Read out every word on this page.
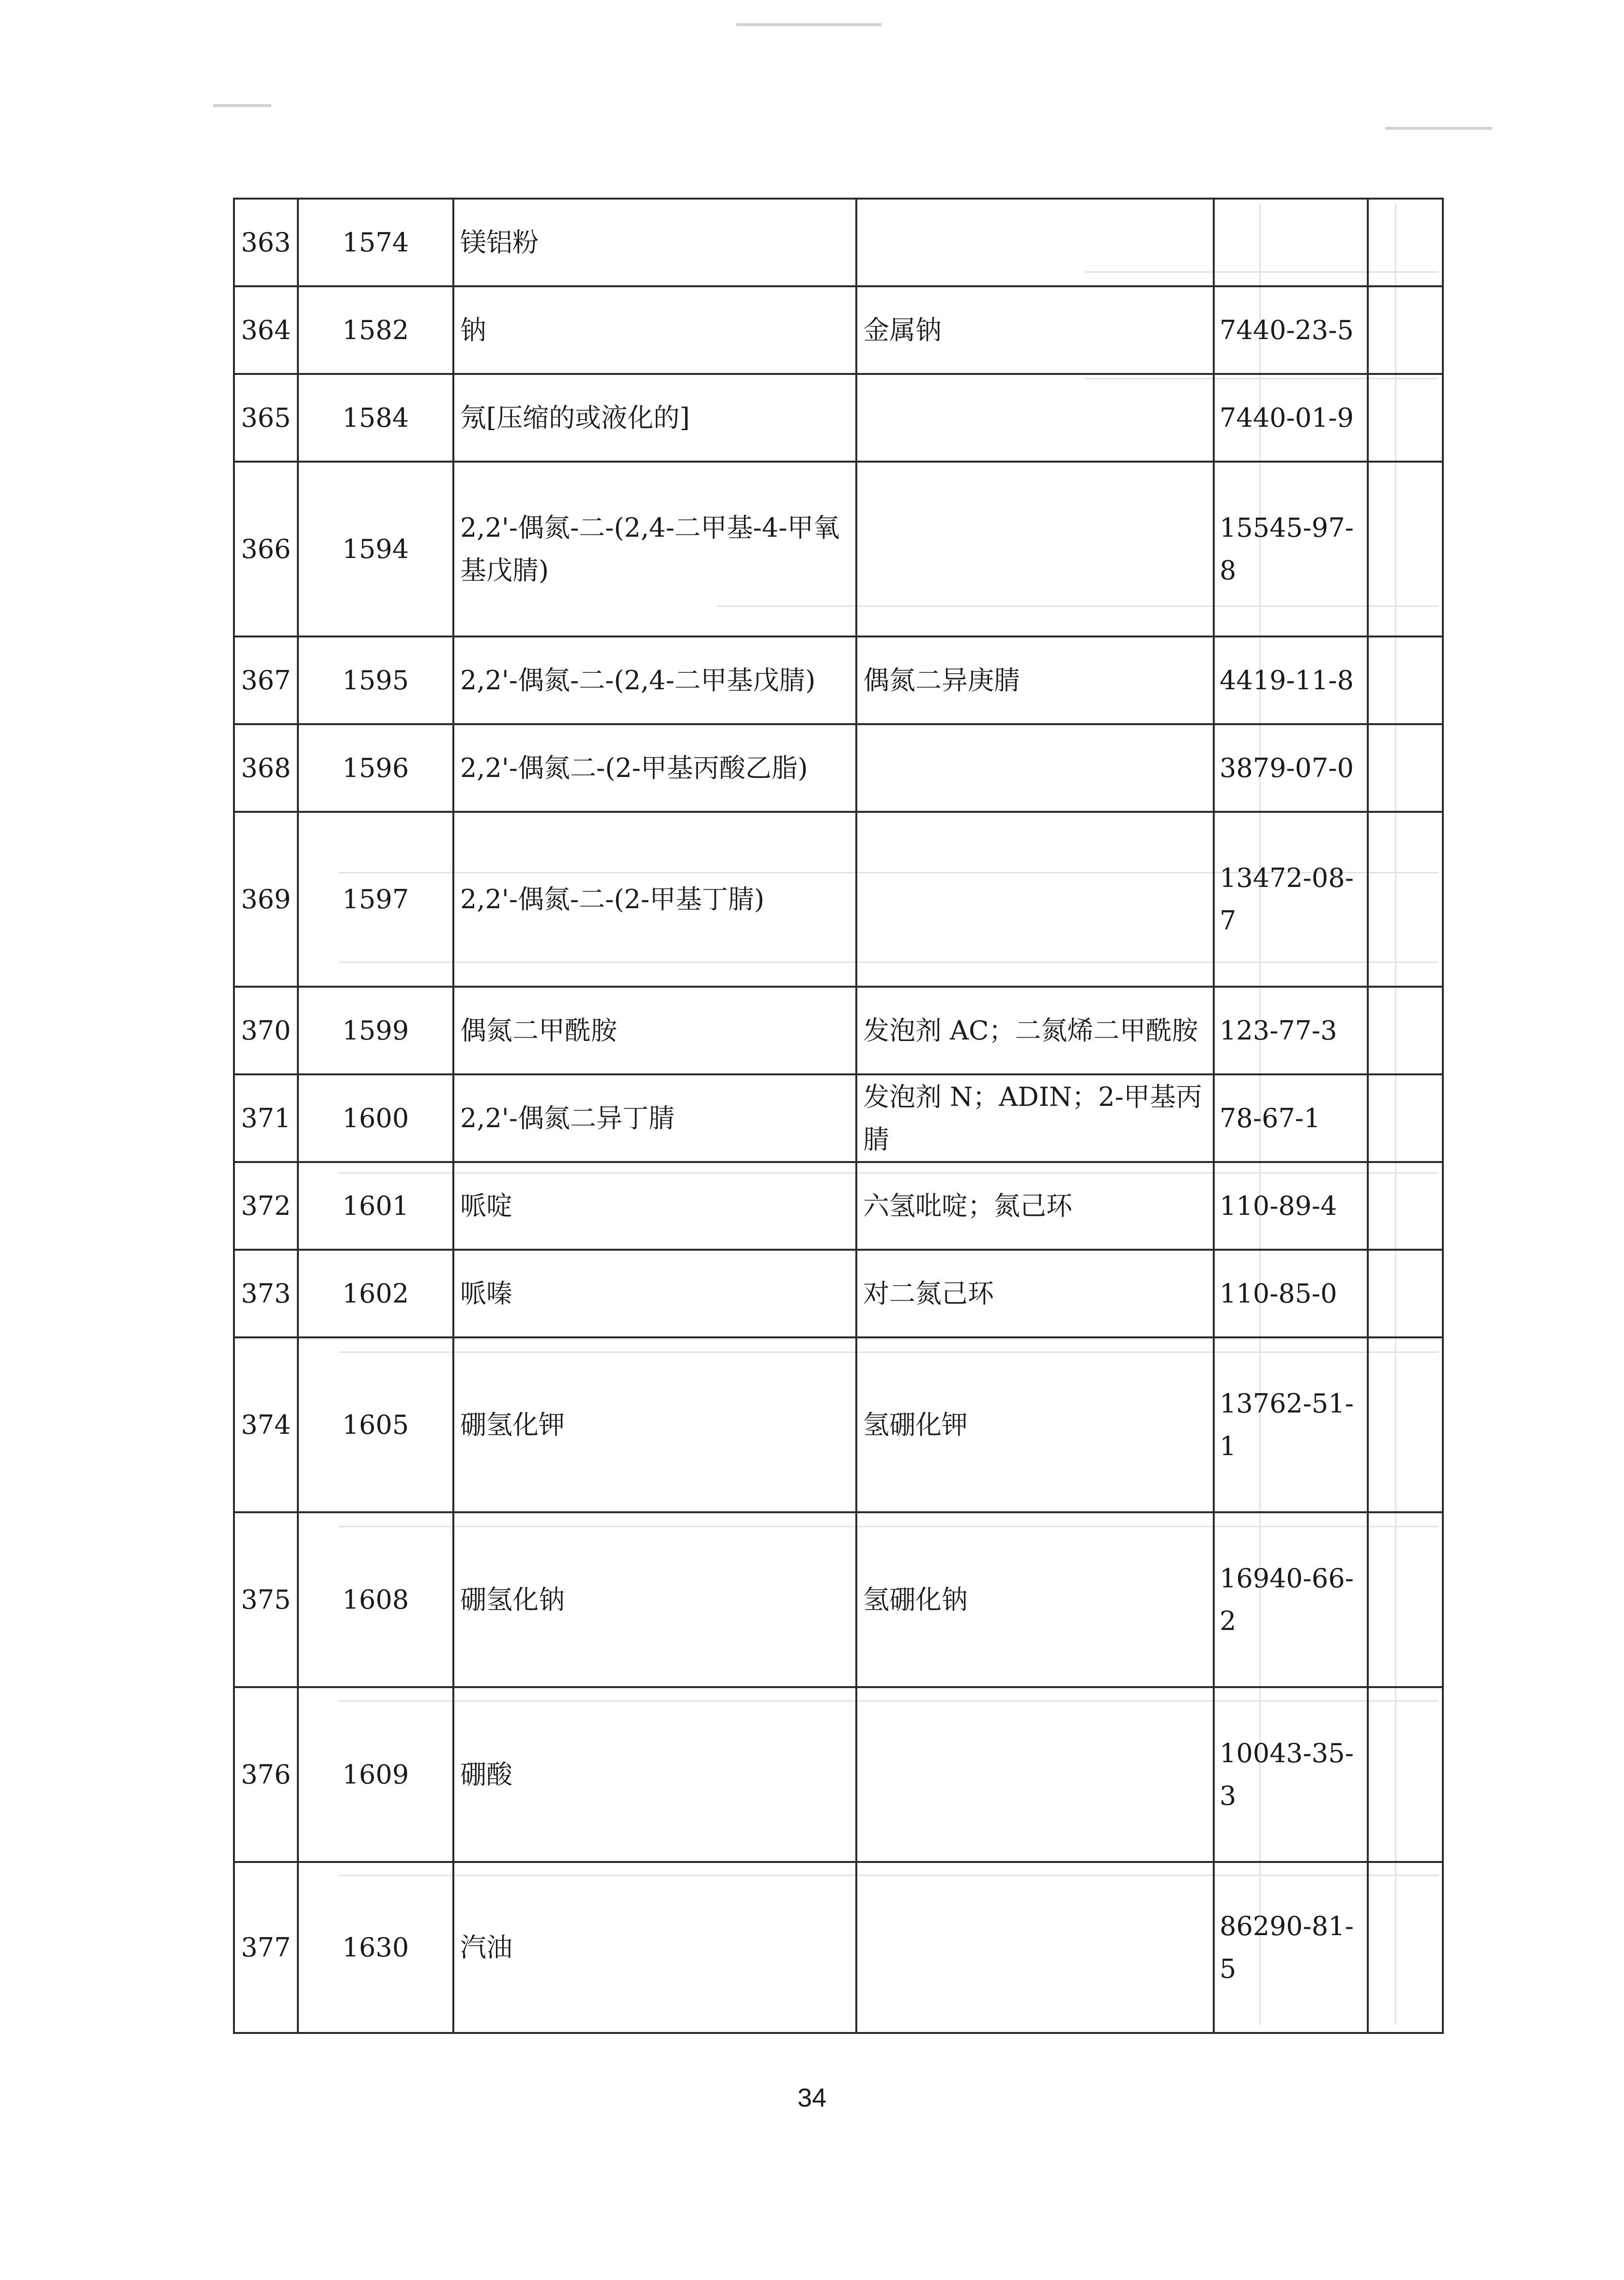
363	1574	镁铝粉			
364	1582	钠	金属钠	7440-23-5	
365	1584	氖[压缩的或液化的]		7440-01-9	
366	1594	2,2'-偶氮-二-(2,4-二甲基-4-甲氧基戊腈)		15545-97-8	
367	1595	2,2'-偶氮-二-(2,4-二甲基戊腈)	偶氮二异庚腈	4419-11-8	
368	1596	2,2'-偶氮二-(2-甲基丙酸乙脂)		3879-07-0	
369	1597	2,2'-偶氮-二-(2-甲基丁腈)		13472-08-7	
370	1599	偶氮二甲酰胺	发泡剂 AC；二氮烯二甲酰胺	123-77-3	
371	1600	2,2'-偶氮二异丁腈	发泡剂 N；ADIN；2-甲基丙腈	78-67-1	
372	1601	哌啶	六氢吡啶；氮己环	110-89-4	
373	1602	哌嗪	对二氮己环	110-85-0	
374	1605	硼氢化钾	氢硼化钾	13762-51-1	
375	1608	硼氢化钠	氢硼化钠	16940-66-2	
376	1609	硼酸		10043-35-3	
377	1630	汽油		86290-81-5	
34
